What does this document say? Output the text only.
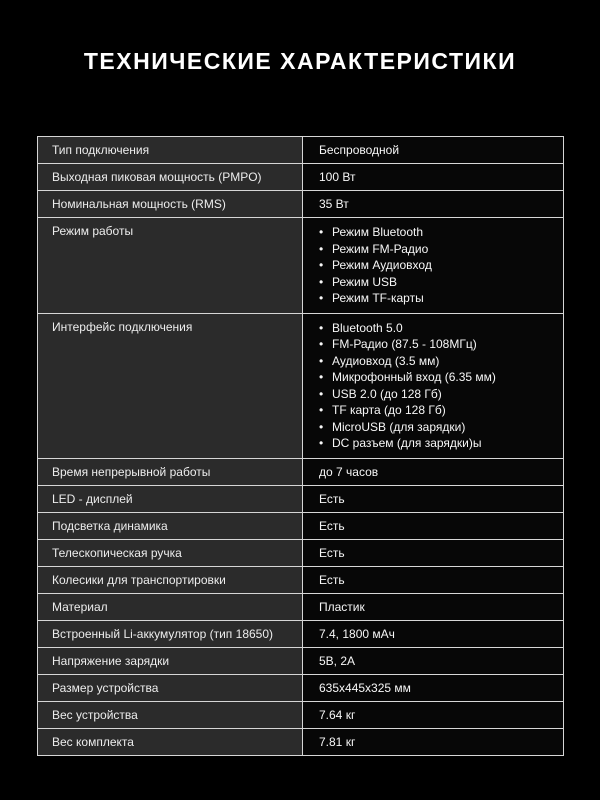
ТЕХНИЧЕСКИЕ ХАРАКТЕРИСТИКИ
Тип подключения	Беспроводной
Выходная пиковая мощность (PMPO)	100 Вт
Номинальная мощность (RMS)	35 Вт
Режим работы	
•Режим Bluetooth
• Режим FM-Радио
• Режим Аудиовход
• Режим USB
• Режим TF-карты

Интерфейс подключения	
•Bluetooth 5.0
• FM-Радио (87.5 - 108МГц)
• Аудиовход (3.5 мм)
• Микрофонный вход (6.35 мм)
• USB 2.0 (до 128 Гб)
• TF карта (до 128 Гб)
• MicroUSB (для зарядки)
• DC разъем (для зарядки)ы

Время непрерывной работы	до 7 часов
LED - дисплей	Есть
Подсветка динамика	Есть
Телескопическая ручка	Есть
Колесики для транспортировки	Есть
Материал	Пластик
Встроенный Li-аккумулятор (тип 18650)	7.4, 1800 мАч
Напряжение зарядки	5В, 2А
Размер устройства	635x445x325 мм
Вес устройства	7.64 кг
Вес комплекта	7.81 кг
